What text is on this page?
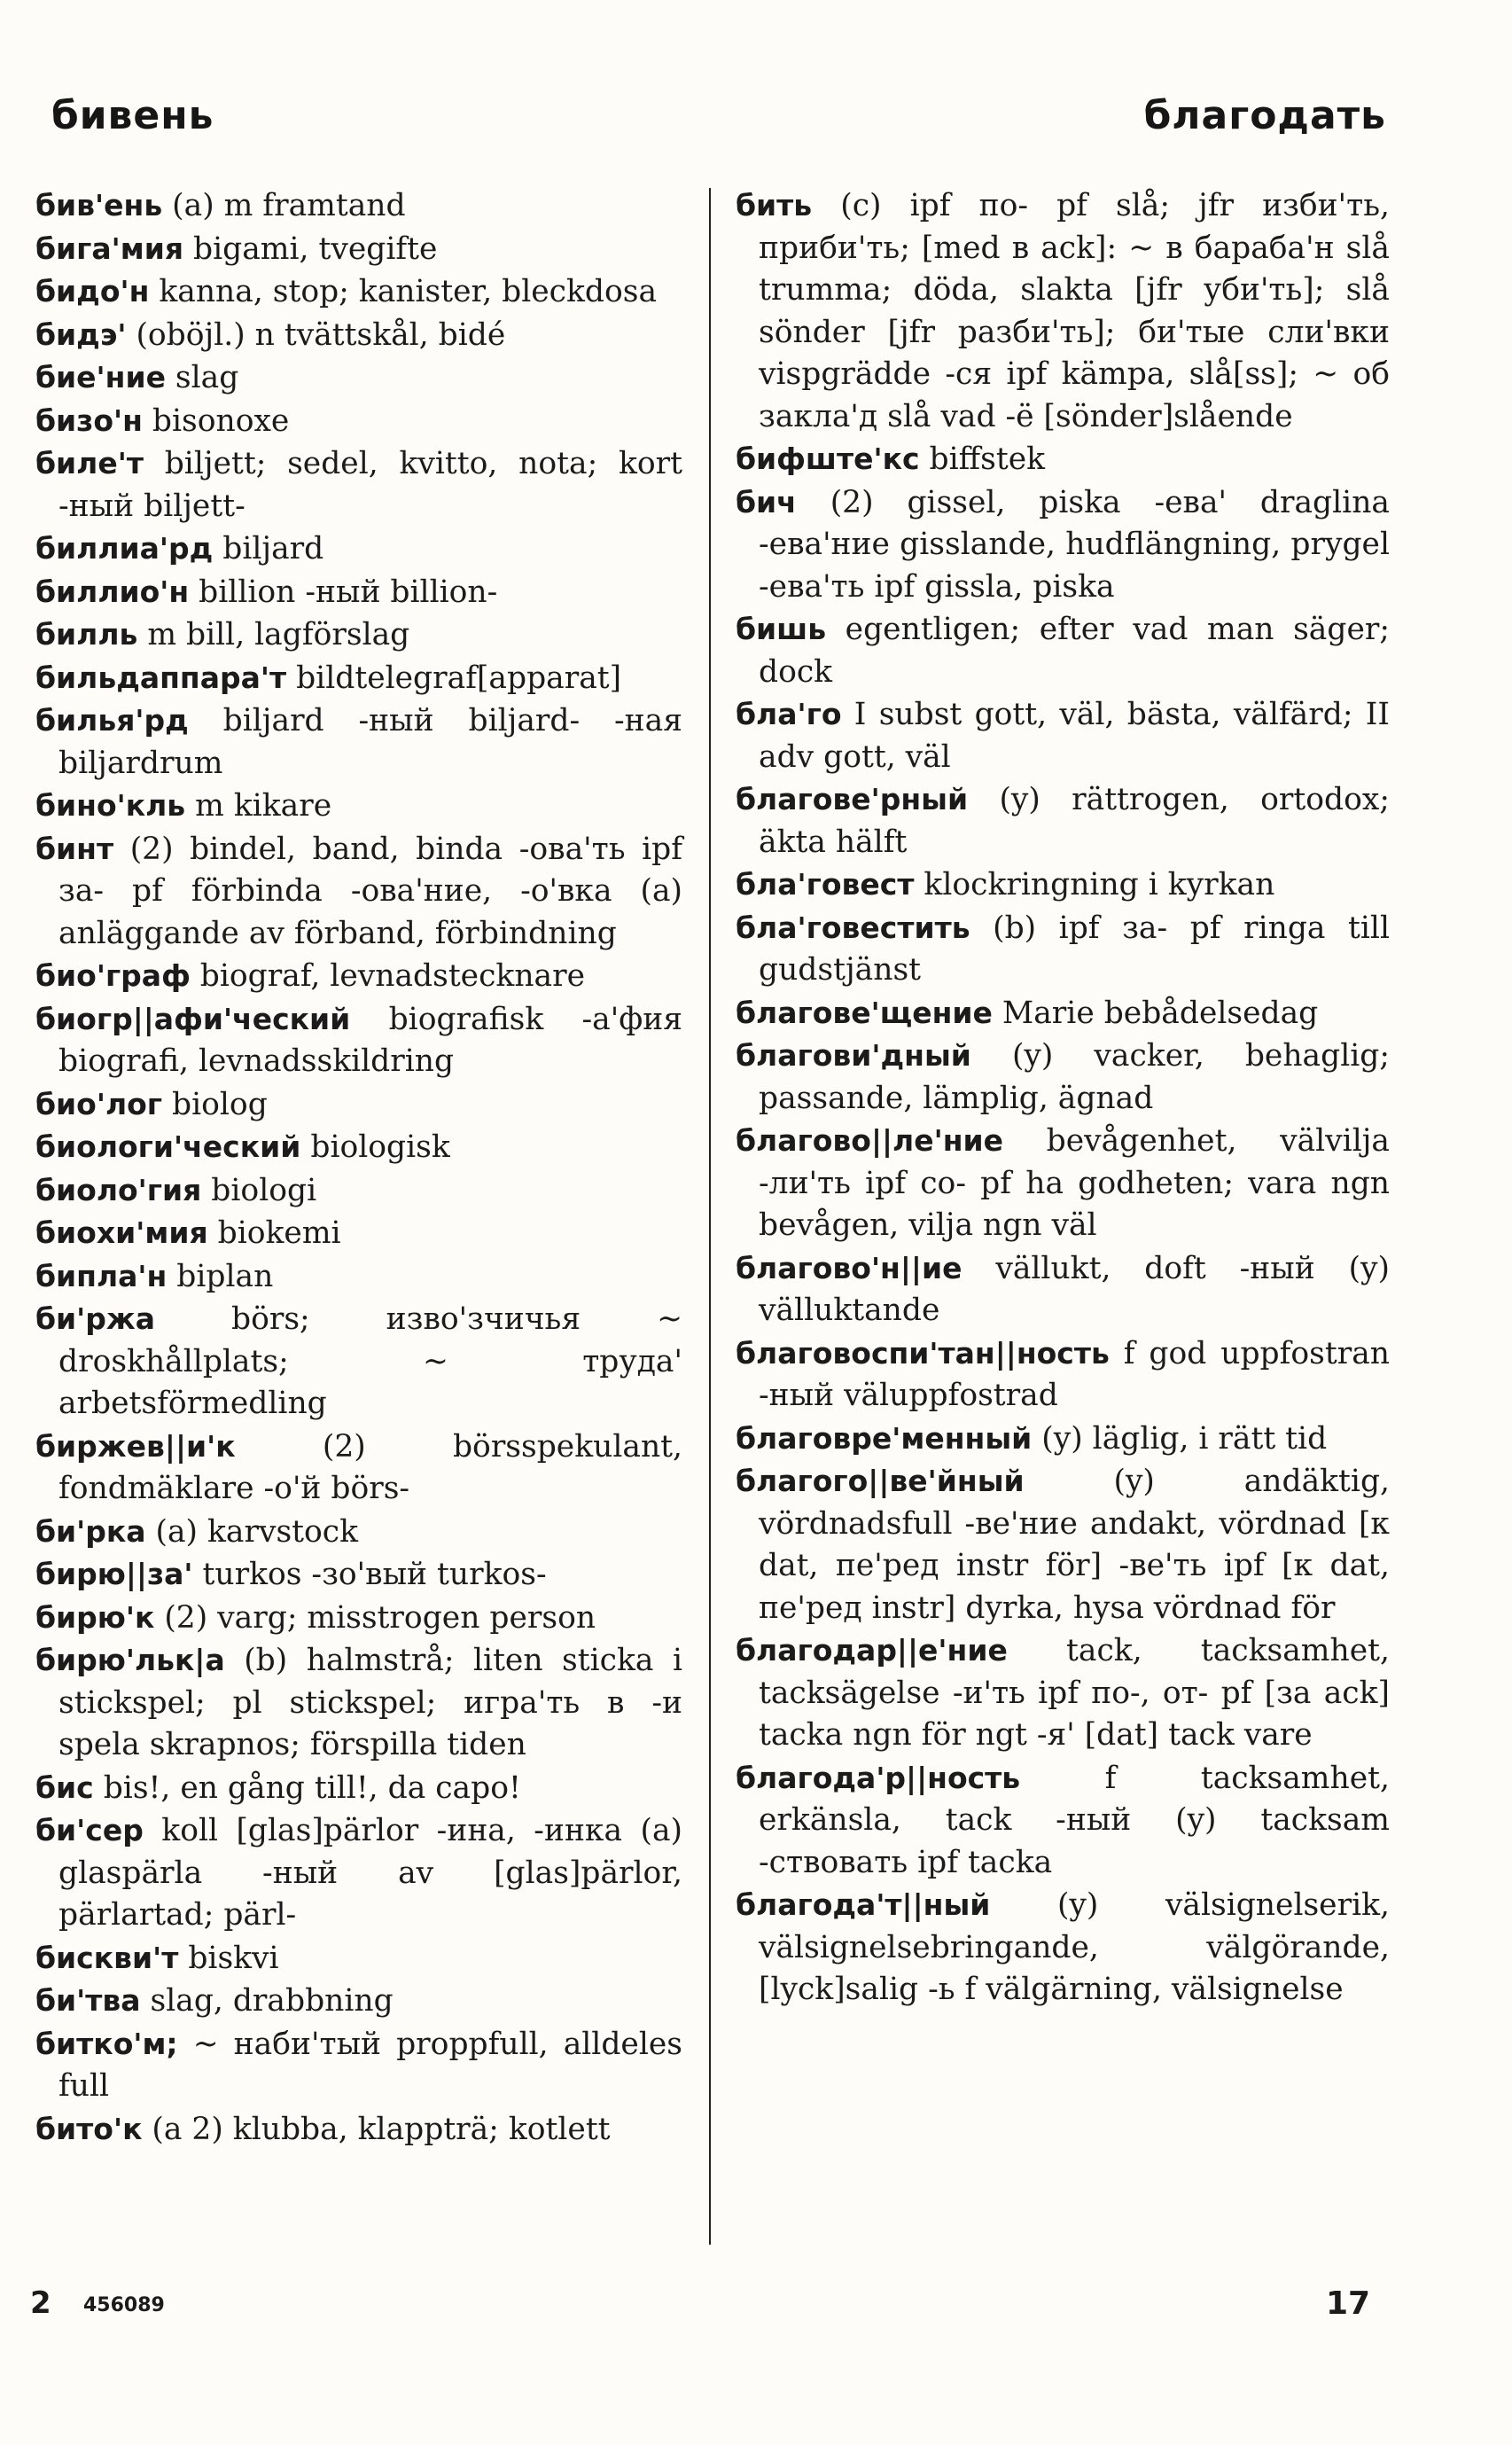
бивень	благодать

бив'ень (a) m framtand

бига'мия bigami, tvegifte

бидо'н kanna, stop; kanister, bleckdosa

бидэ' (oböjl.) n tvättskål, bidé

бие'ние slag

бизо'н bisonoxe

биле'т biljett; sedel, kvitto, nota; kort -ный biljett-

биллиа'рд biljard

биллио'н billion -ный billion-

билль m bill, lagförslag

бильдаппара'т bildtelegraf[apparat]

билья'рд biljard -ный biljard- -ная biljardrum

бино'кль m kikare

бинт (2) bindel, band, binda -ова'ть ipf за- pf förbinda -ова'ние, -о'вка (a) anläggande av förband, förbindning

био'граф biograf, levnadstecknare

биогр||афи'ческий biografisk -а'фия biografi, levnadsskildring

био'лог biolog

биологи'ческий biologisk

биоло'гия biologi

биохи'мия biokemi

бипла'н biplan

би'ржа börs; изво'зчичья ~ droskhållplats; ~ труда' arbetsförmedling

биржев||и'к (2) börsspekulant, fondmäklare -о'й börs-

би'рка (a) karvstock

бирю||за' turkos -зо'вый turkos-

бирю'к (2) varg; misstrogen person

бирю'льк|а (b) halmstrå; liten sticka i stickspel; pl stickspel; игра'ть в -и spela skrapnos; förspilla tiden

бис bis!, en gång till!, da capo!

би'сер koll [glas]pärlor -ина, -инка (a) glaspärla -ный av [glas]pärlor, pärlartad; pärl-

бискви'т biskvi

би'тва slag, drabbning

битко'м; ~ наби'тый proppfull, alldeles full

бито'к (a 2) klubba, klappträ; kotlett

бить (c) ipf по- pf slå; jfr изби'ть, приби'ть; [med в ack]: ~ в бараба'н slå trumma; döda, slakta [jfr уби'ть]; slå sönder [jfr разби'ть]; би'тые сли'вки vispgrädde -ся ipf kämpa, slå[ss]; ~ об закла'д slå vad -ё [sönder]slående

бифште'кс biffstek

бич (2) gissel, piska -ева' draglina -ева'ние gisslande, hudflängning, prygel -ева'ть ipf gissla, piska

бишь egentligen; efter vad man säger; dock

бла'го I subst gott, väl, bästa, välfärd; II adv gott, väl

благове'рный (y) rättrogen, ortodox; äkta hälft

бла'говест klockringning i kyrkan

бла'говестить (b) ipf за- pf ringa till gudstjänst

благове'щение Marie bebådelsedag

благови'дный (y) vacker, behaglig; passande, lämplig, ägnad

благово||ле'ние bevågenhet, välvilja -ли'ть ipf со- pf ha godheten; vara ngn bevågen, vilja ngn väl

благово'н||ие vällukt, doft -ный (y) välluktande

благовоспи'тан||ность f god uppfostran -ный väluppfostrad

благовре'менный (y) läglig, i rätt tid

благого||ве'йный (y) andäktig, vördnadsfull -ве'ние andakt, vördnad [к dat, пе'ред instr för] -ве'ть ipf [к dat, пе'ред instr] dyrka, hysa vördnad för

благодар||е'ние tack, tacksamhet, tacksägelse -и'ть ipf по-, от- pf [за ack] tacka ngn för ngt -я' [dat] tack vare

благода'р||ность f tacksamhet, erkänsla, tack -ный (y) tacksam -ствовать ipf tacka

благода'т||ный (y) välsignelserik, välsignelsebringande, välgörande, [lyck]salig -ь f välgärning, välsignelse

2 456089	17
